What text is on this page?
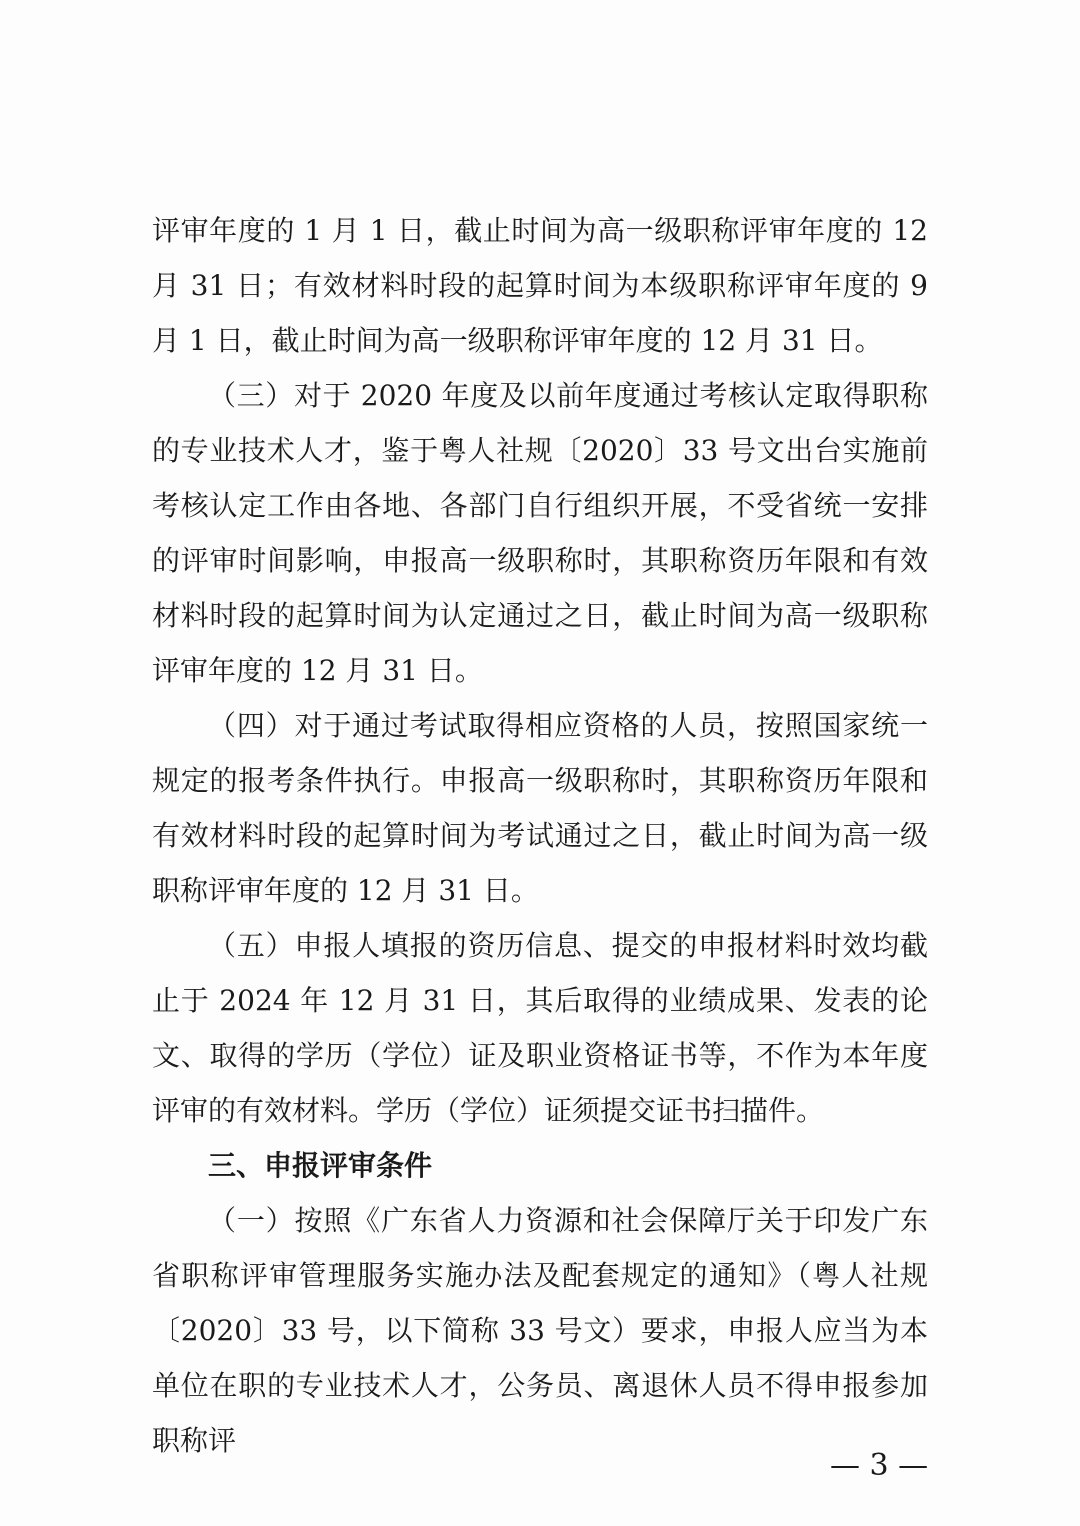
评审年度的 1 月 1 日，截止时间为高一级职称评审年度的 12 月 31 日；有效材料时段的起算时间为本级职称评审年度的 9 月 1 日，截止时间为高一级职称评审年度的 12 月 31 日。

（三）对于 2020 年度及以前年度通过考核认定取得职称的专业技术人才，鉴于粤人社规〔2020〕33 号文出台实施前考核认定工作由各地、各部门自行组织开展，不受省统一安排的评审时间影响，申报高一级职称时，其职称资历年限和有效材料时段的起算时间为认定通过之日，截止时间为高一级职称评审年度的 12 月 31 日。

（四）对于通过考试取得相应资格的人员，按照国家统一规定的报考条件执行。申报高一级职称时，其职称资历年限和有效材料时段的起算时间为考试通过之日，截止时间为高一级职称评审年度的 12 月 31 日。

（五）申报人填报的资历信息、提交的申报材料时效均截止于 2024 年 12 月 31 日，其后取得的业绩成果、发表的论文、取得的学历（学位）证及职业资格证书等，不作为本年度评审的有效材料。学历（学位）证须提交证书扫描件。

三、申报评审条件

（一）按照《广东省人力资源和社会保障厅关于印发广东省职称评审管理服务实施办法及配套规定的通知》（粤人社规〔2020〕33 号，以下简称 33 号文）要求，申报人应当为本单位在职的专业技术人才，公务员、离退休人员不得申报参加职称评

— 3 —
